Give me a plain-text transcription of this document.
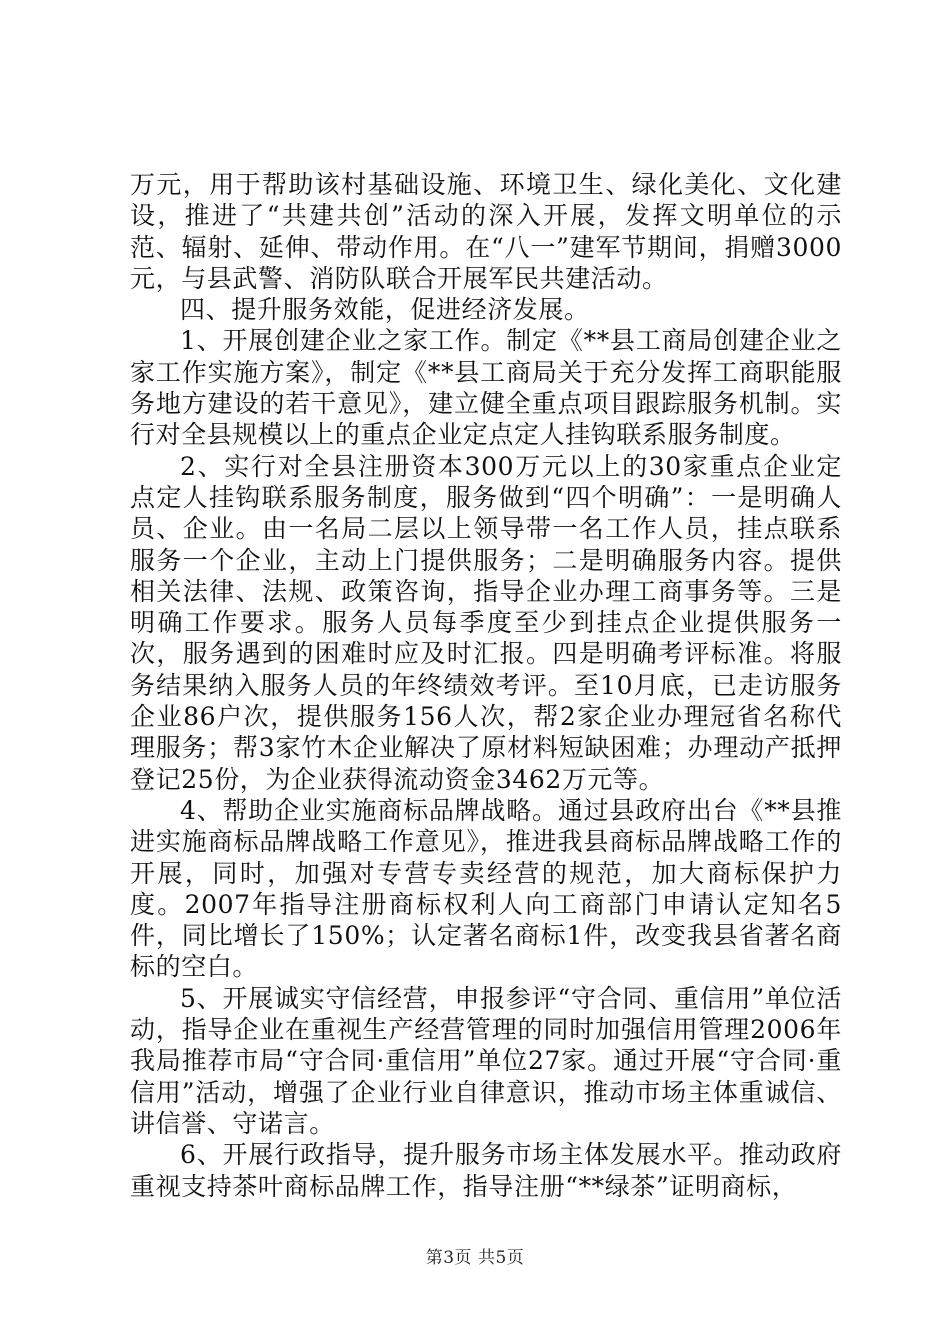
万元，用于帮助该村基础设施、环境卫生、绿化美化、文化建设，推进了“共建共创”活动的深入开展，发挥文明单位的示范、辐射、延伸、带动作用。在“八一”建军节期间，捐赠3000元，与县武警、消防队联合开展军民共建活动。

四、提升服务效能，促进经济发展。

1、开展创建企业之家工作。制定《**县工商局创建企业之家工作实施方案》，制定《**县工商局关于充分发挥工商职能服务地方建设的若干意见》，建立健全重点项目跟踪服务机制。实行对全县规模以上的重点企业定点定人挂钩联系服务制度。

2、实行对全县注册资本300万元以上的30家重点企业定点定人挂钩联系服务制度，服务做到“四个明确”：一是明确人员、企业。由一名局二层以上领导带一名工作人员，挂点联系服务一个企业，主动上门提供服务；二是明确服务内容。提供相关法律、法规、政策咨询，指导企业办理工商事务等。三是明确工作要求。服务人员每季度至少到挂点企业提供服务一次，服务遇到的困难时应及时汇报。四是明确考评标准。将服务结果纳入服务人员的年终绩效考评。至10月底，已走访服务企业86户次，提供服务156人次，帮2家企业办理冠省名称代理服务；帮3家竹木企业解决了原材料短缺困难；办理动产抵押登记25份，为企业获得流动资金3462万元等。

4、帮助企业实施商标品牌战略。通过县政府出台《**县推进实施商标品牌战略工作意见》，推进我县商标品牌战略工作的开展，同时，加强对专营专卖经营的规范，加大商标保护力度。2007年指导注册商标权利人向工商部门申请认定知名5件，同比增长了150%；认定著名商标1件，改变我县省著名商标的空白。

5、开展诚实守信经营，申报参评“守合同、重信用”单位活动，指导企业在重视生产经营管理的同时加强信用管理2006年我局推荐市局“守合同·重信用”单位27家。通过开展“守合同·重信用”活动，增强了企业行业自律意识，推动市场主体重诚信、讲信誉、守诺言。

6、开展行政指导，提升服务市场主体发展水平。推动政府重视支持茶叶商标品牌工作，指导注册“**绿茶”证明商标，

第3页 共5页
